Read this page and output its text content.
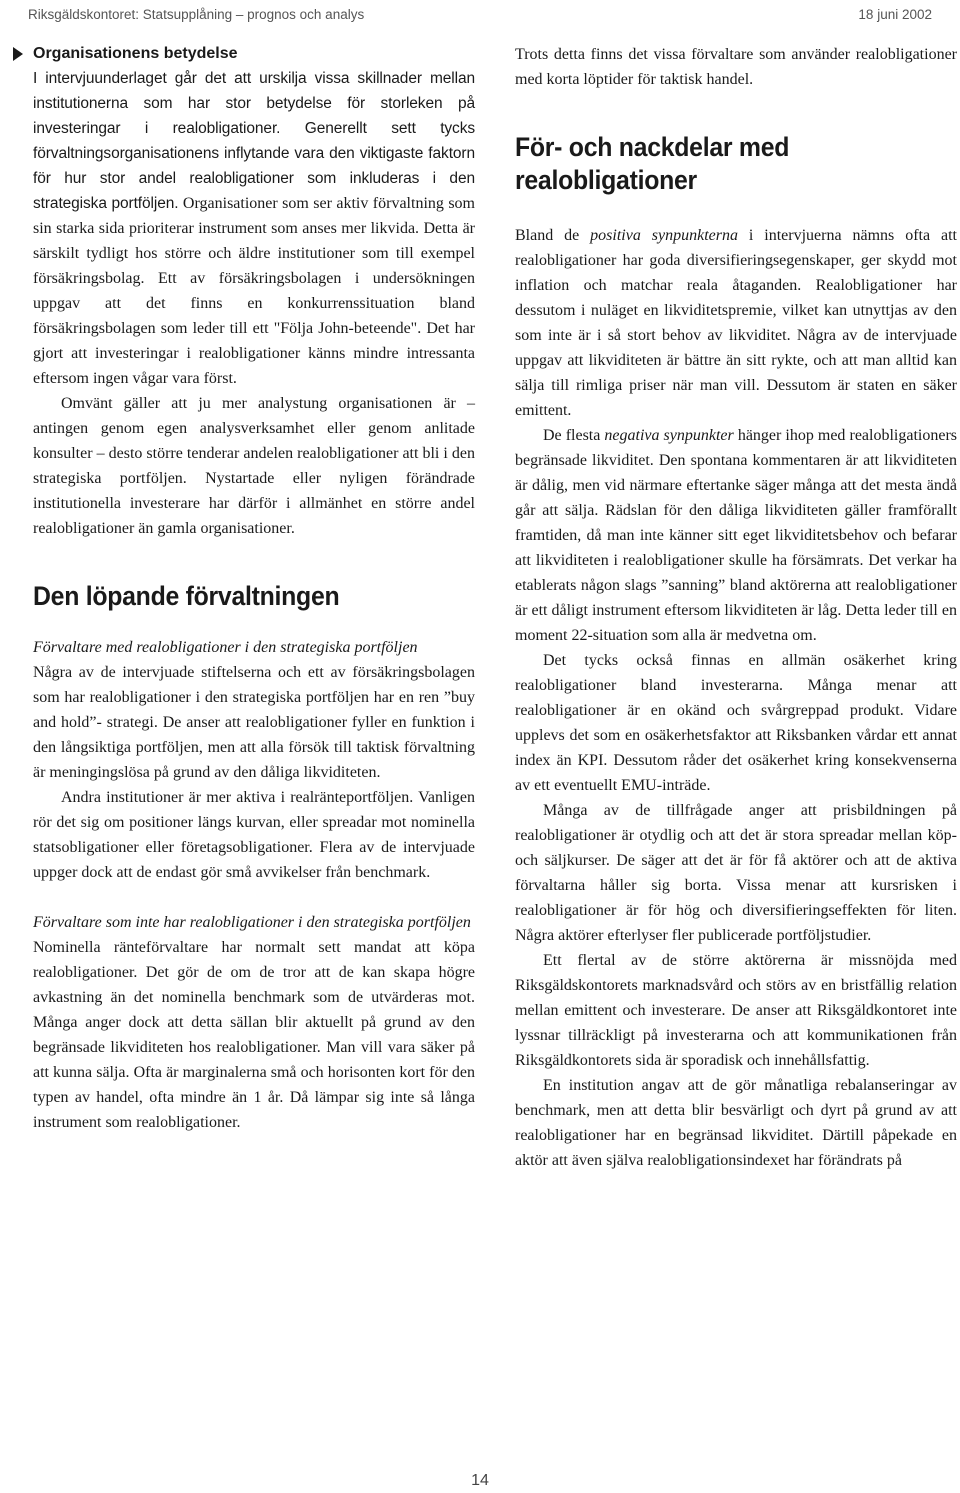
Riksgäldskontoret: Statsupplåning – prognos och analys	18 juni 2002
Organisationens betydelse

I intervjuunderlaget går det att urskilja vissa skillnader mellan institutionerna som har stor betydelse för storleken på investeringar i realobligationer. Generellt sett tycks förvaltningsorganisationens inflytande vara den viktigaste faktorn för hur stor andel realobligationer som inkluderas i den strategiska portföljen. Organisationer som ser aktiv förvaltning som sin starka sida prioriterar instrument som anses mer likvida. Detta är särskilt tydligt hos större och äldre institutioner som till exempel försäkringsbolag. Ett av försäkringsbolagen i undersökningen uppgav att det finns en konkurrenssituation bland försäkringsbolagen som leder till ett "Följa John-beteende". Det har gjort att investeringar i realobligationer känns mindre intressanta eftersom ingen vågar vara först.

Omvänt gäller att ju mer analystung organisationen är – antingen genom egen analysverksamhet eller genom anlitade konsulter – desto större tenderar andelen realobligationer att bli i den strategiska portföljen. Nystartade eller nyligen förändrade institutionella investerare har därför i allmänhet en större andel realobligationer än gamla organisationer.

Den löpande förvaltningen

Förvaltare med realobligationer i den strategiska portföljen

Några av de intervjuade stiftelserna och ett av försäkringsbolagen som har realobligationer i den strategiska portföljen har en ren ”buy and hold”- strategi. De anser att realobligationer fyller en funktion i den långsiktiga portföljen, men att alla försök till taktisk förvaltning är meningingslösa på grund av den dåliga likviditeten.

Andra institutioner är mer aktiva i realränteportföljen. Vanligen rör det sig om positioner längs kurvan, eller spreadar mot nominella statsobligationer eller företagsobligationer. Flera av de intervjuade uppger dock att de endast gör små avvikelser från benchmark.

Förvaltare som inte har realobligationer i den strategiska portföljen

Nominella ränteförvaltare har normalt sett mandat att köpa realobligationer. Det gör de om de tror att de kan skapa högre avkastning än det nominella benchmark som de utvärderas mot. Många anger dock att detta sällan blir aktuellt på grund av den begränsade likviditeten hos realobligationer. Man vill vara säker på att kunna sälja. Ofta är marginalerna små och horisonten kort för den typen av handel, ofta mindre än 1 år. Då lämpar sig inte så långa instrument som realobligationer.

Trots detta finns det vissa förvaltare som använder realobligationer med korta löptider för taktisk handel.

För- och nackdelar med realobligationer

Bland de positiva synpunkterna i intervjuerna nämns ofta att realobligationer har goda diversifieringsegenskaper, ger skydd mot inflation och matchar reala åtaganden. Realobligationer har dessutom i nuläget en likviditetspremie, vilket kan utnyttjas av den som inte är i så stort behov av likviditet. Några av de intervjuade uppgav att likviditeten är bättre än sitt rykte, och att man alltid kan sälja till rimliga priser när man vill. Dessutom är staten en säker emittent.

De flesta negativa synpunkter hänger ihop med realobligationers begränsade likviditet. Den spontana kommentaren är att likviditeten är dålig, men vid närmare eftertanke säger många att det mesta ändå går att sälja. Rädslan för den dåliga likviditeten gäller framförallt framtiden, då man inte känner sitt eget likviditetsbehov och befarar att likviditeten i realobligationer skulle ha försämrats. Det verkar ha etablerats någon slags ”sanning” bland aktörerna att realobligationer är ett dåligt instrument eftersom likviditeten är låg. Detta leder till en moment 22-situation som alla är medvetna om.

Det tycks också finnas en allmän osäkerhet kring realobligationer bland investerarna. Många menar att realobligationer är en okänd och svårgreppad produkt. Vidare upplevs det som en osäkerhetsfaktor att Riksbanken vårdar ett annat index än KPI. Dessutom råder det osäkerhet kring konsekvenserna av ett eventuellt EMU-inträde.

Många av de tillfrågade anger att prisbildningen på realobligationer är otydlig och att det är stora spreadar mellan köp- och säljkurser. De säger att det är för få aktörer och att de aktiva förvaltarna håller sig borta. Vissa menar att kursrisken i realobligationer är för hög och diversifieringseffekten för liten. Några aktörer efterlyser fler publicerade portföljstudier.

Ett flertal av de större aktörerna är missnöjda med Riksgäldskontorets marknadsvård och störs av en bristfällig relation mellan emittent och investerare. De anser att Riksgäldkontoret inte lyssnar tillräckligt på investerarna och att kommunikationen från Riksgäldkontorets sida är sporadisk och innehållsfattig.

En institution angav att de gör månatliga rebalanseringar av benchmark, men att detta blir besvärligt och dyrt på grund av att realobligationer har en begränsad likviditet. Därtill påpekade en aktör att även själva realobligationsindexet har förändrats på

14
